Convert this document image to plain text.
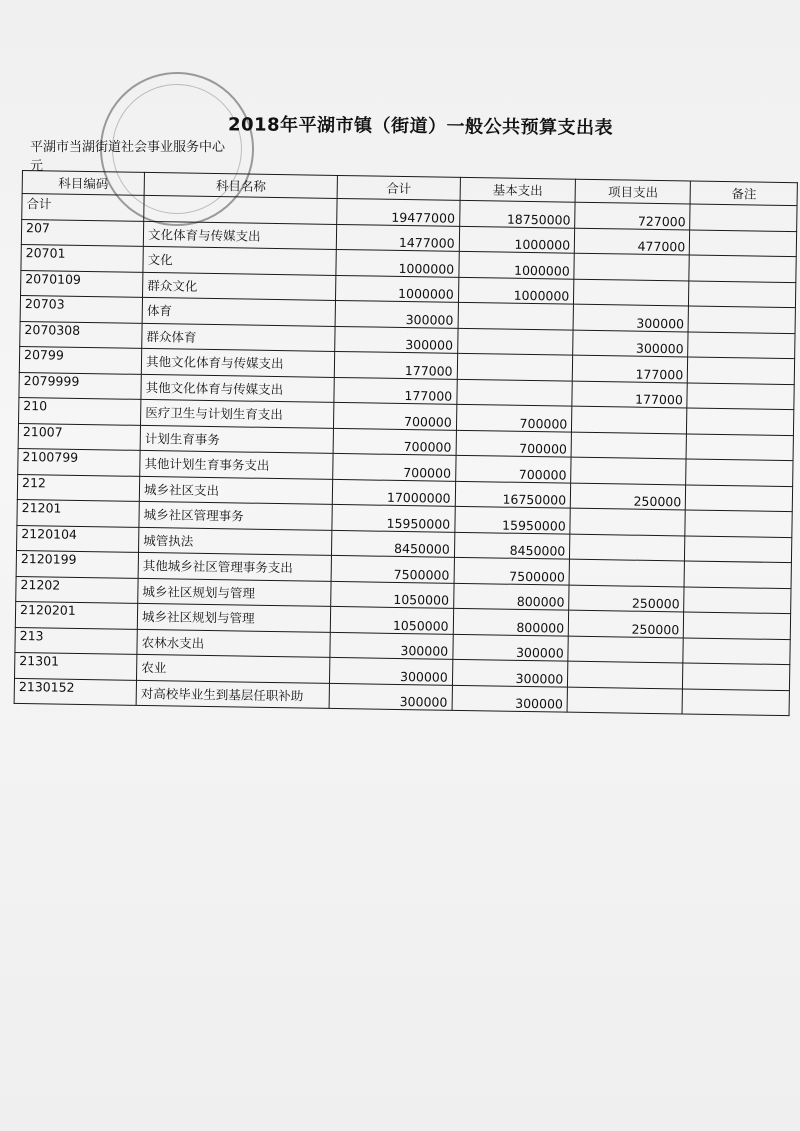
2018年平湖市镇（街道）一般公共预算支出表
平湖市当湖街道社会事业服务中心
元
科目编码	科目名称	合计	基本支出	项目支出	备注
合计		19477000	18750000	727000	
207	文化体育与传媒支出	1477000	1000000	477000	
20701	文化	1000000	1000000		
2070109	群众文化	1000000	1000000		
20703	体育	300000		300000	
2070308	群众体育	300000		300000	
20799	其他文化体育与传媒支出	177000		177000	
2079999	其他文化体育与传媒支出	177000		177000	
210	医疗卫生与计划生育支出	700000	700000		
21007	计划生育事务	700000	700000		
2100799	其他计划生育事务支出	700000	700000		
212	城乡社区支出	17000000	16750000	250000	
21201	城乡社区管理事务	15950000	15950000		
2120104	城管执法	8450000	8450000		
2120199	其他城乡社区管理事务支出	7500000	7500000		
21202	城乡社区规划与管理	1050000	800000	250000	
2120201	城乡社区规划与管理	1050000	800000	250000	
213	农林水支出	300000	300000		
21301	农业	300000	300000		
2130152	对高校毕业生到基层任职补助	300000	300000		
